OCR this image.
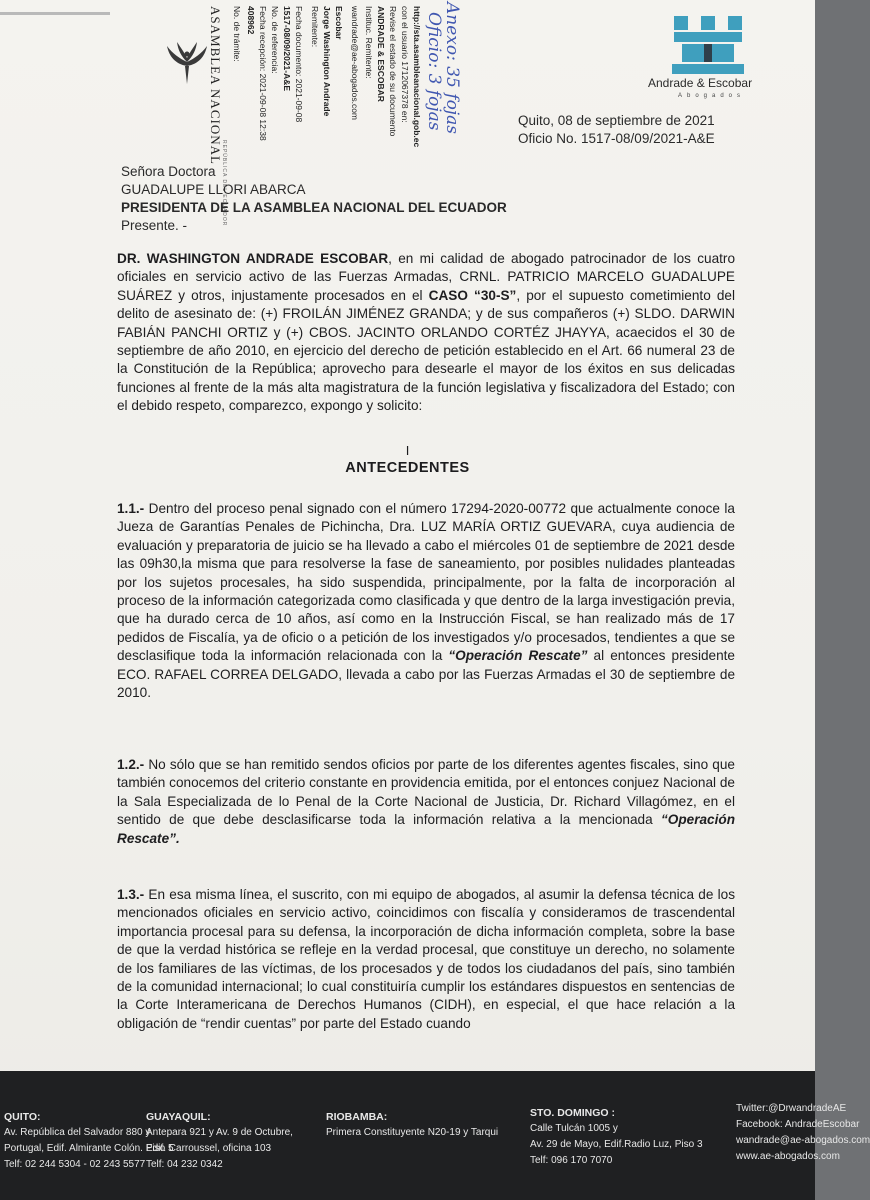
ASAMBLEA NACIONAL
REPÚBLICA DEL ECUADOR
No. de trámite: 408962 Fecha recepción: 2021-09-08 12:38 No. de referencia: 1517-08/09/2021-A&E Fecha documento: 2021-09-08 Remitente: Jorge Washington Andrade Escobar wandrade@ae-abogados.com Instituc. Remitente: ANDRADE & ESCOBAR Revise el estado de su documento con el usuario 1712067378 en: http://sta.asambleanacional.gob.ec Oficio: 3 fojas
Anexo: 35 fojas	Andrade & Escobar
Abogados
Quito, 08 de septiembre de 2021
Oficio No. 1517-08/09/2021-A&E
Señora Doctora
GUADALUPE LLORI ABARCA
PRESIDENTA DE LA ASAMBLEA NACIONAL DEL ECUADOR
Presente. -
DR. WASHINGTON ANDRADE ESCOBAR, en mi calidad de abogado patrocinador de los cuatro oficiales en servicio activo de las Fuerzas Armadas, CRNL. PATRICIO MARCELO GUADALUPE SUÁREZ y otros, injustamente procesados en el CASO “30-S”, por el supuesto cometimiento del delito de asesinato de: (+) FROILÁN JIMÉNEZ GRANDA; y de sus compañeros (+) SLDO. DARWIN FABIÁN PANCHI ORTIZ y (+) CBOS. JACINTO ORLANDO CORTÉZ JHAYYA, acaecidos el 30 de septiembre de año 2010, en ejercicio del derecho de petición establecido en el Art. 66 numeral 23 de la Constitución de la República; aprovecho para desearle el mayor de los éxitos en sus delicadas funciones al frente de la más alta magistratura de la función legislativa y fiscalizadora del Estado; con el debido respeto, comparezco, expongo y solicito:
I
ANTECEDENTES
1.1.- Dentro del proceso penal signado con el número 17294-2020-00772 que actualmente conoce la Jueza de Garantías Penales de Pichincha, Dra. LUZ MARÍA ORTIZ GUEVARA, cuya audiencia de evaluación y preparatoria de juicio se ha llevado a cabo el miércoles 01 de septiembre de 2021 desde las 09h30,la misma que para resolverse la fase de saneamiento, por posibles nulidades planteadas por los sujetos procesales, ha sido suspendida, principalmente, por la falta de incorporación al proceso de la información categorizada como clasificada y que dentro de la larga investigación previa, que ha durado cerca de 10 años, así como en la Instrucción Fiscal, se han realizado más de 17 pedidos de Fiscalía, ya de oficio o a petición de los investigados y/o procesados, tendientes a que se desclasifique toda la información relacionada con la “Operación Rescate” al entonces presidente ECO. RAFAEL CORREA DELGADO, llevada a cabo por las Fuerzas Armadas el 30 de septiembre de 2010.
1.2.- No sólo que se han remitido sendos oficios por parte de los diferentes agentes fiscales, sino que también conocemos del criterio constante en providencia emitida, por el entonces conjuez Nacional de la Sala Especializada de lo Penal de la Corte Nacional de Justicia, Dr. Richard Villagómez, en el sentido de que debe desclasificarse toda la información relativa a la mencionada “Operación Rescate”.
1.3.- En esa misma línea, el suscrito, con mi equipo de abogados, al asumir la defensa técnica de los mencionados oficiales en servicio activo, coincidimos con fiscalía y consideramos de trascendental importancia procesal para su defensa, la incorporación de dicha información completa, sobre la base de que la verdad histórica se refleje en la verdad procesal, que constituye un derecho, no solamente de los familiares de las víctimas, de los procesados y de todos los ciudadanos del país, sino también de la comunidad internacional; lo cual constituiría cumplir los estándares dispuestos en sentencias de la Corte Interamericana de Derechos Humanos (CIDH), en especial, el que hace relación a la obligación de “rendir cuentas” por parte del Estado cuando
QUITO:
Av. República del Salvador 880 y
Portugal, Edif. Almirante Colón. Piso 5
Telf: 02 244 5304 - 02 243 5577
GUAYAQUIL:
Antepara 921 y Av. 9 de Octubre,
Edif. Carroussel, oficina 103
Telf: 04 232 0342
RIOBAMBA:
Primera Constituyente N20-19 y Tarqui
STO. DOMINGO :
Calle Tulcán 1005 y
Av. 29 de Mayo, Edif.Radio Luz, Piso 3
Telf: 096 170 7070
Twitter:@DrwandradeAE
Facebook: AndradeEscobar
wandrade@ae-abogados.com
www.ae-abogados.com
